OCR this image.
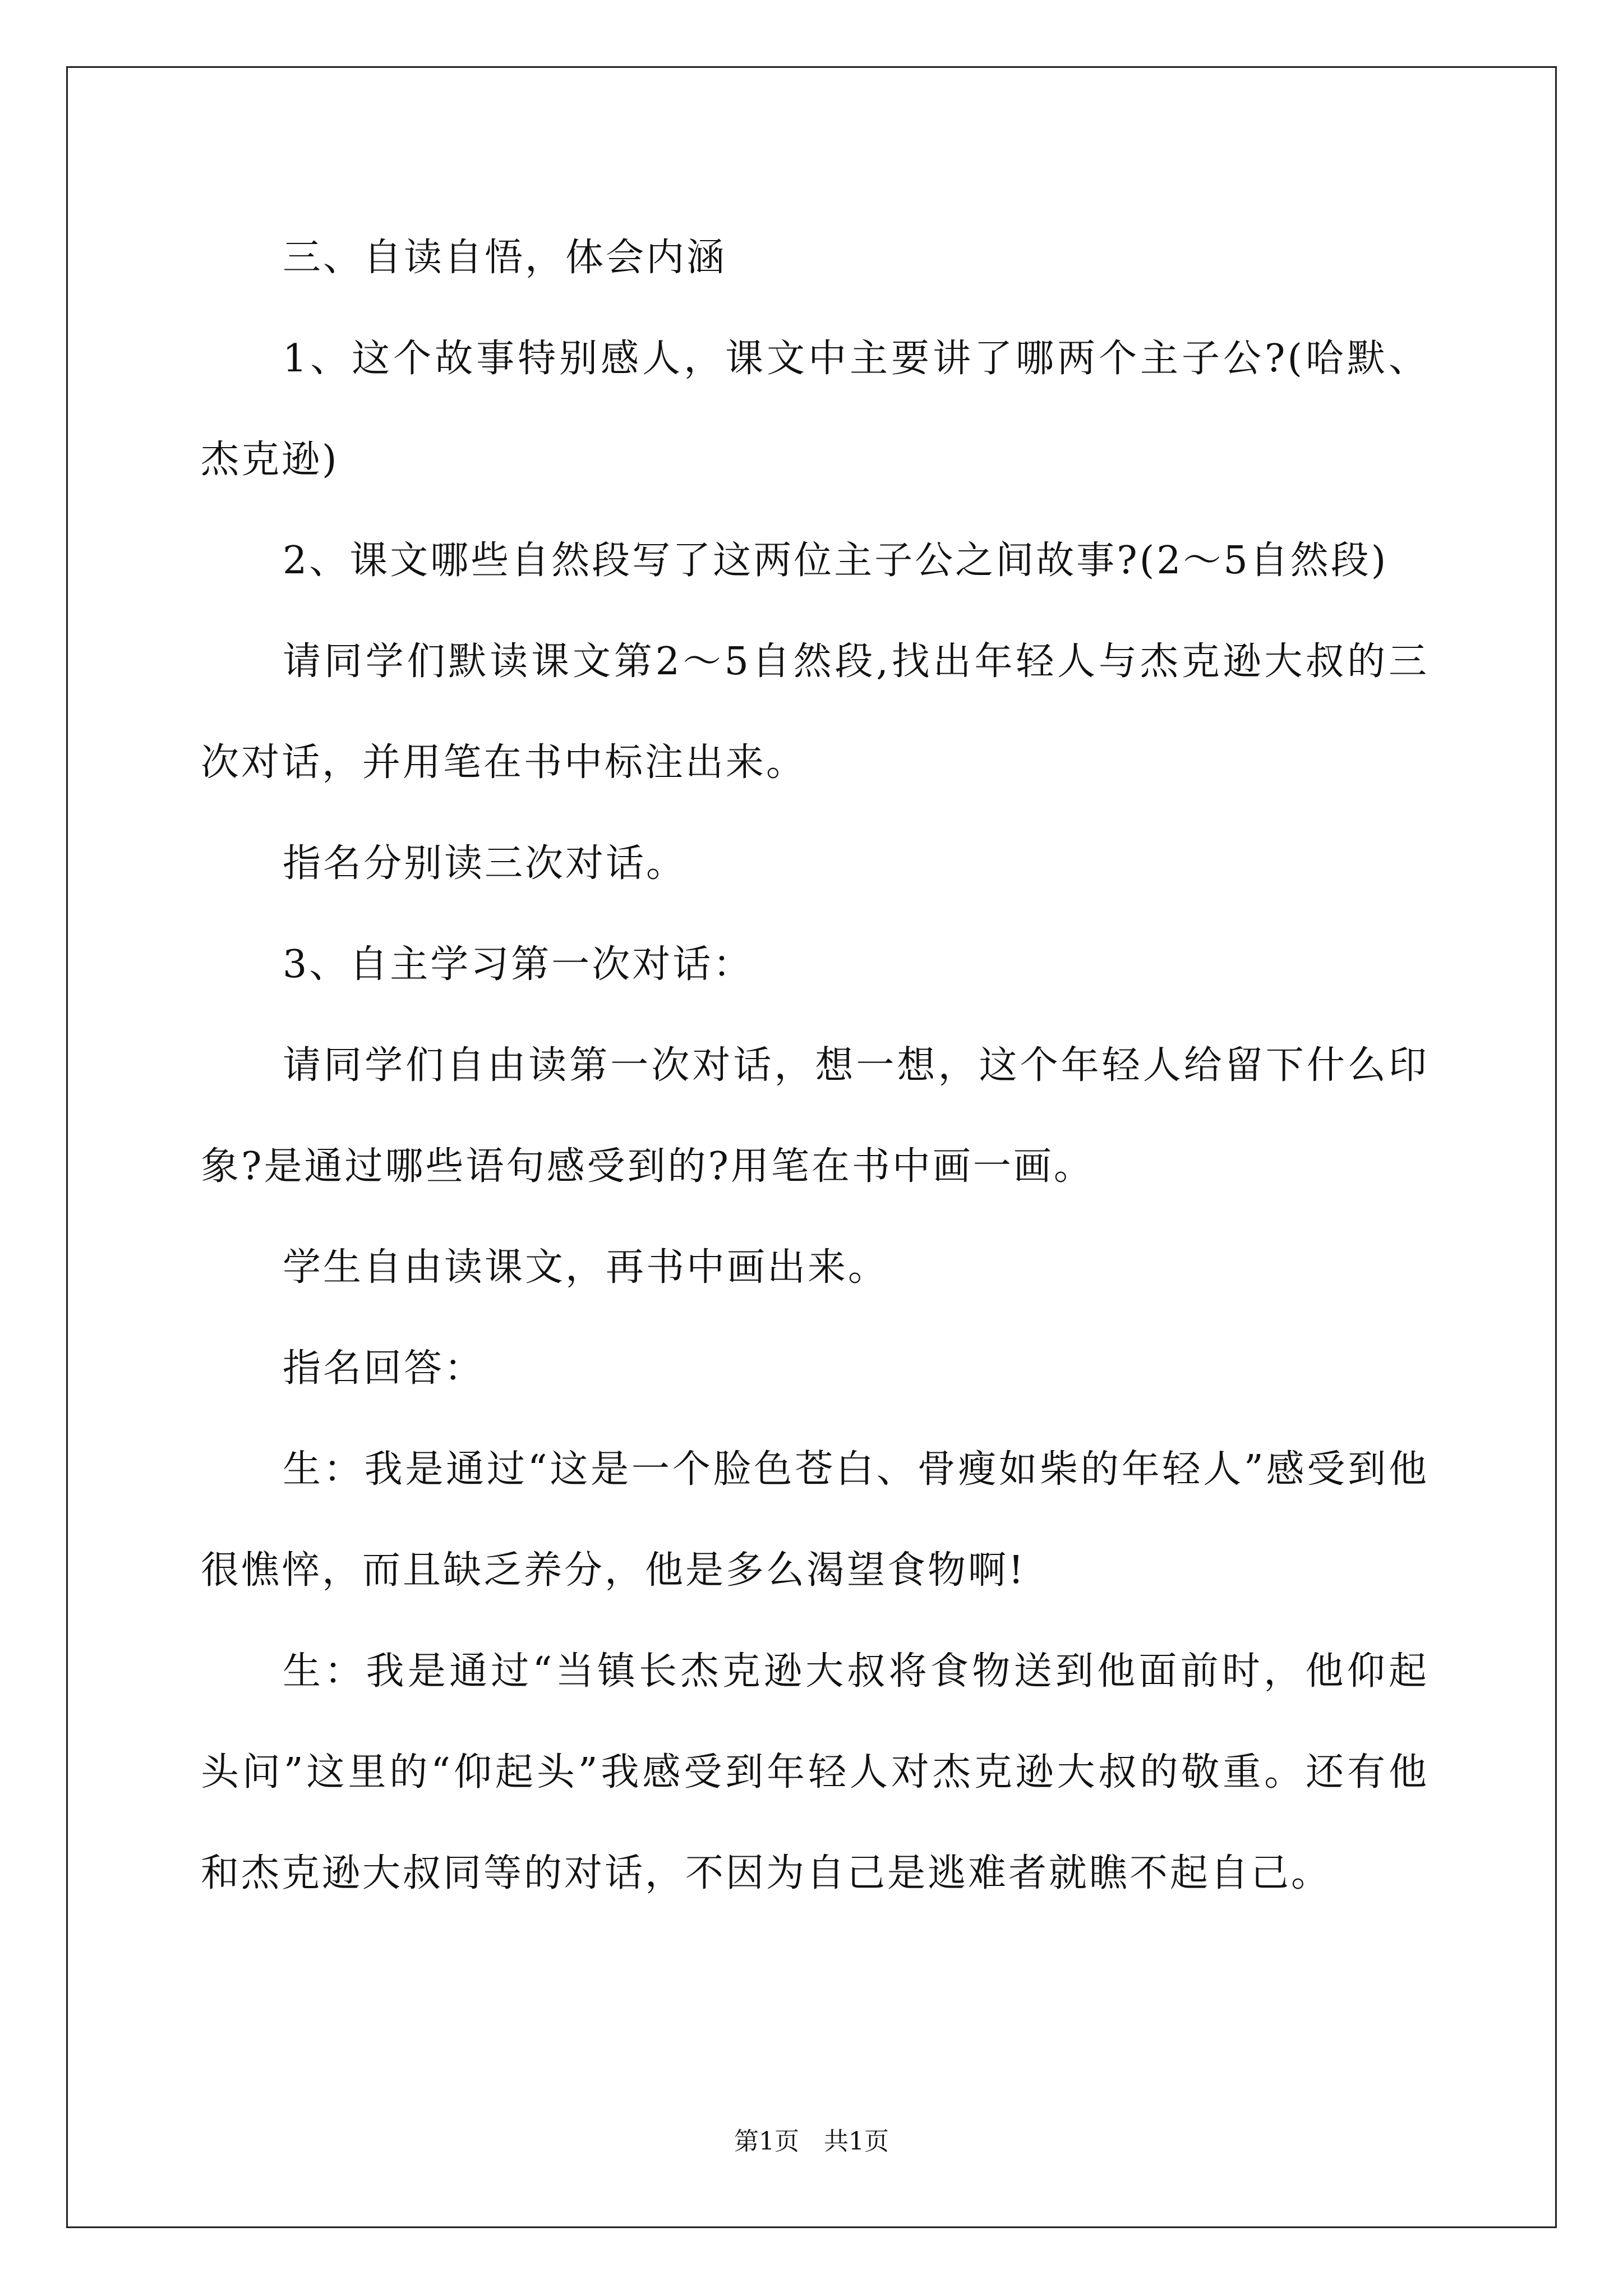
三、自读自悟，体会内涵

1、这个故事特别感人，课文中主要讲了哪两个主子公?(哈默、杰克逊)

2、课文哪些自然段写了这两位主子公之间故事?(2～5自然段)

请同学们默读课文第2～5自然段,找出年轻人与杰克逊大叔的三次对话，并用笔在书中标注出来。

指名分别读三次对话。

3、自主学习第一次对话：

请同学们自由读第一次对话，想一想，这个年轻人给留下什么印象?是通过哪些语句感受到的?用笔在书中画一画。

学生自由读课文，再书中画出来。

指名回答：

生：我是通过“这是一个脸色苍白、骨瘦如柴的年轻人”感受到他很憔悴，而且缺乏养分，他是多么渴望食物啊!

生：我是通过“当镇长杰克逊大叔将食物送到他面前时，他仰起头问”这里的“仰起头”我感受到年轻人对杰克逊大叔的敬重。还有他和杰克逊大叔同等的对话，不因为自己是逃难者就瞧不起自己。

第1页　共1页
